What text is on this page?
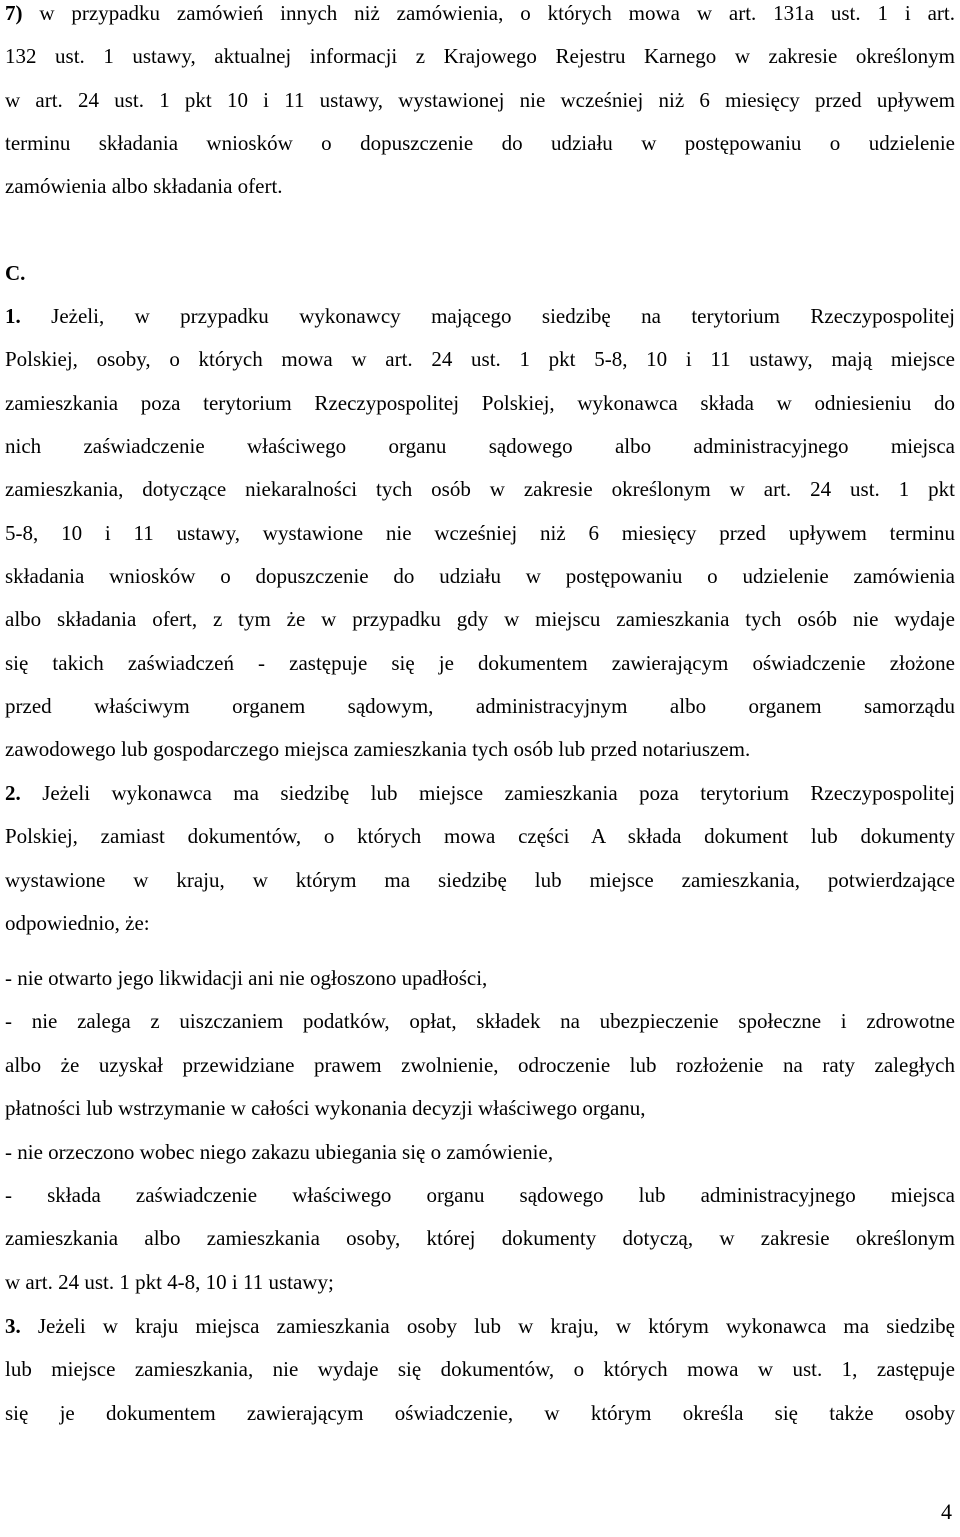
7) w przypadku zamówień innych niż zamówienia, o których mowa w art. 131a ust. 1 i art.
132 ust. 1 ustawy, aktualnej informacji z Krajowego Rejestru Karnego w zakresie określonym
w art. 24 ust. 1 pkt 10 i 11 ustawy, wystawionej nie wcześniej niż 6 miesięcy przed upływem
terminu składania wniosków o dopuszczenie do udziału w postępowaniu o udzielenie
zamówienia albo składania ofert.
C.
1. Jeżeli, w przypadku wykonawcy mającego siedzibę na terytorium Rzeczypospolitej
Polskiej, osoby, o których mowa w art. 24 ust. 1 pkt 5-8, 10 i 11 ustawy, mają miejsce
zamieszkania poza terytorium Rzeczypospolitej Polskiej, wykonawca składa w odniesieniu do
nich zaświadczenie właściwego organu sądowego albo administracyjnego miejsca
zamieszkania, dotyczące niekaralności tych osób w zakresie określonym w art. 24 ust. 1 pkt
5-8, 10 i 11 ustawy, wystawione nie wcześniej niż 6 miesięcy przed upływem terminu
składania wniosków o dopuszczenie do udziału w postępowaniu o udzielenie zamówienia
albo składania ofert, z tym że w przypadku gdy w miejscu zamieszkania tych osób nie wydaje
się takich zaświadczeń - zastępuje się je dokumentem zawierającym oświadczenie złożone
przed właściwym organem sądowym, administracyjnym albo organem samorządu
zawodowego lub gospodarczego miejsca zamieszkania tych osób lub przed notariuszem.
2. Jeżeli wykonawca ma siedzibę lub miejsce zamieszkania poza terytorium Rzeczypospolitej
Polskiej, zamiast dokumentów, o których mowa części A składa dokument lub dokumenty
wystawione w kraju, w którym ma siedzibę lub miejsce zamieszkania, potwierdzające
odpowiednio, że:
- nie otwarto jego likwidacji ani nie ogłoszono upadłości,
- nie zalega z uiszczaniem podatków, opłat, składek na ubezpieczenie społeczne i zdrowotne
albo że uzyskał przewidziane prawem zwolnienie, odroczenie lub rozłożenie na raty zaległych
płatności lub wstrzymanie w całości wykonania decyzji właściwego organu,
- nie orzeczono wobec niego zakazu ubiegania się o zamówienie,
- składa zaświadczenie właściwego organu sądowego lub administracyjnego miejsca
zamieszkania albo zamieszkania osoby, której dokumenty dotyczą, w zakresie określonym
w art. 24 ust. 1 pkt 4-8, 10 i 11 ustawy;
3. Jeżeli w kraju miejsca zamieszkania osoby lub w kraju, w którym wykonawca ma siedzibę
lub miejsce zamieszkania, nie wydaje się dokumentów, o których mowa w ust. 1, zastępuje
się je dokumentem zawierającym oświadczenie, w którym określa się także osoby
4
